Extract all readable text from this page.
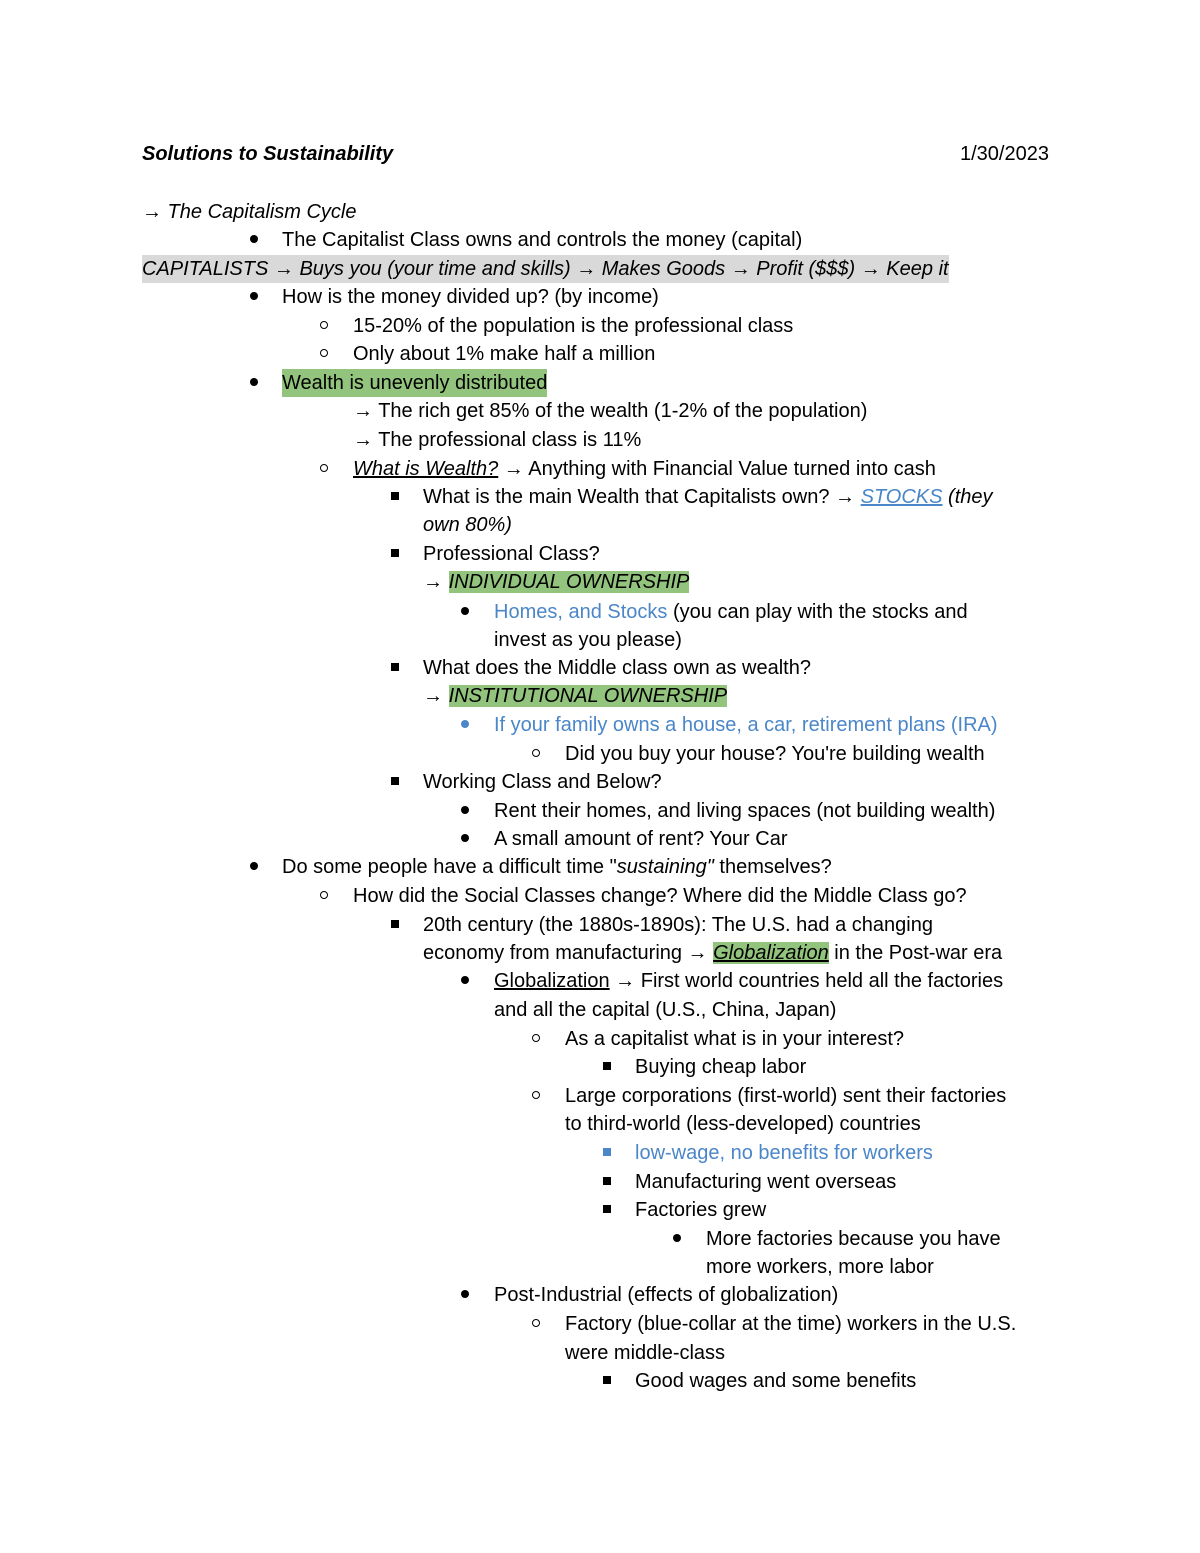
Solutions to Sustainability	1/30/2023
→ The Capitalism Cycle
The Capitalist Class owns and controls the money (capital)
CAPITALISTS → Buys you (your time and skills) → Makes Goods → Profit ($$$) → Keep it
How is the money divided up? (by income)
15-20% of the population is the professional class
Only about 1% make half a million
Wealth is unevenly distributed
→ The rich get 85% of the wealth (1-2% of the population)
→ The professional class is 11%
What is Wealth? → Anything with Financial Value turned into cash
What is the main Wealth that Capitalists own? → STOCKS (they
own 80%)
Professional Class?
→ INDIVIDUAL OWNERSHIP
Homes, and Stocks (you can play with the stocks and
invest as you please)
What does the Middle class own as wealth?
→ INSTITUTIONAL OWNERSHIP
If your family owns a house, a car, retirement plans (IRA)
Did you buy your house? You're building wealth
Working Class and Below?
Rent their homes, and living spaces (not building wealth)
A small amount of rent? Your Car
Do some people have a difficult time "sustaining" themselves?
How did the Social Classes change? Where did the Middle Class go?
20th century (the 1880s-1890s): The U.S. had a changing
economy from manufacturing → Globalization in the Post-war era
Globalization → First world countries held all the factories
and all the capital (U.S., China, Japan)
As a capitalist what is in your interest?
Buying cheap labor
Large corporations (first-world) sent their factories
to third-world (less-developed) countries
low-wage, no benefits for workers
Manufacturing went overseas
Factories grew
More factories because you have
more workers, more labor
Post-Industrial (effects of globalization)
Factory (blue-collar at the time) workers in the U.S.
were middle-class
Good wages and some benefits
